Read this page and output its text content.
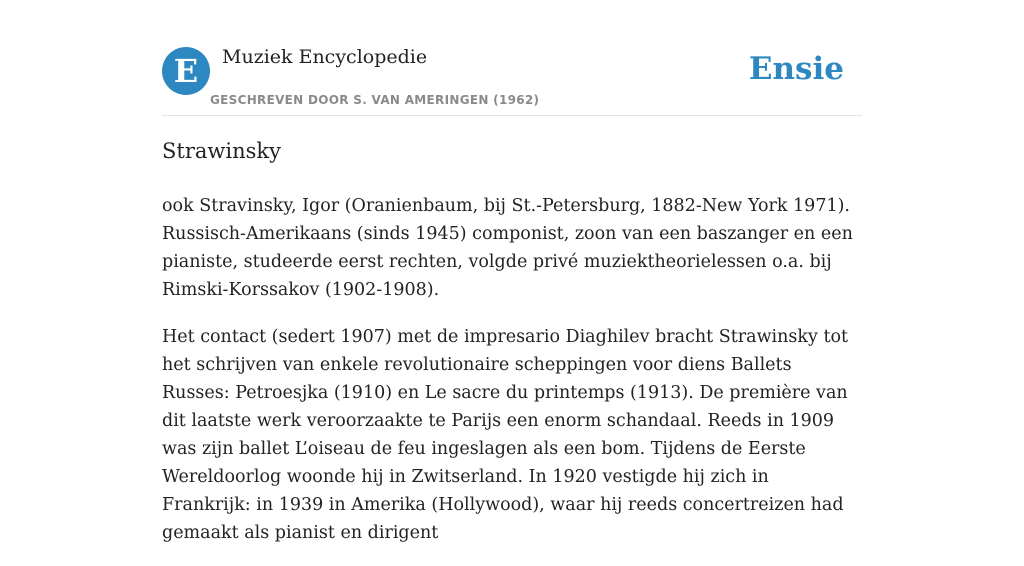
E	Muziek Encyclopedie
GESCHREVEN DOOR S. VAN AMERINGEN (1962)
Ensie
Strawinsky

ook Stravinsky, Igor (Oranienbaum, bij St.-Petersburg, 1882-New York 1971). Russisch-Amerikaans (sinds 1945) componist, zoon van een baszanger en een pianiste, studeerde eerst rechten, volgde privé muziektheorielessen o.a. bij Rimski-Korssakov (1902-1908).

Het contact (sedert 1907) met de impresario Diaghilev bracht Strawinsky tot het schrijven van enkele revolutionaire scheppingen voor diens Ballets Russes: Petroesjka (1910) en Le sacre du printemps (1913). De première van dit laatste werk veroorzaakte te Parijs een enorm schandaal. Reeds in 1909 was zijn ballet L’oiseau de feu ingeslagen als een bom. Tijdens de Eerste Wereldoorlog woonde hij in Zwitserland. In 1920 vestigde hij zich in Frankrijk: in 1939 in Amerika (Hollywood), waar hij reeds concertreizen had gemaakt als pianist en dirigent
